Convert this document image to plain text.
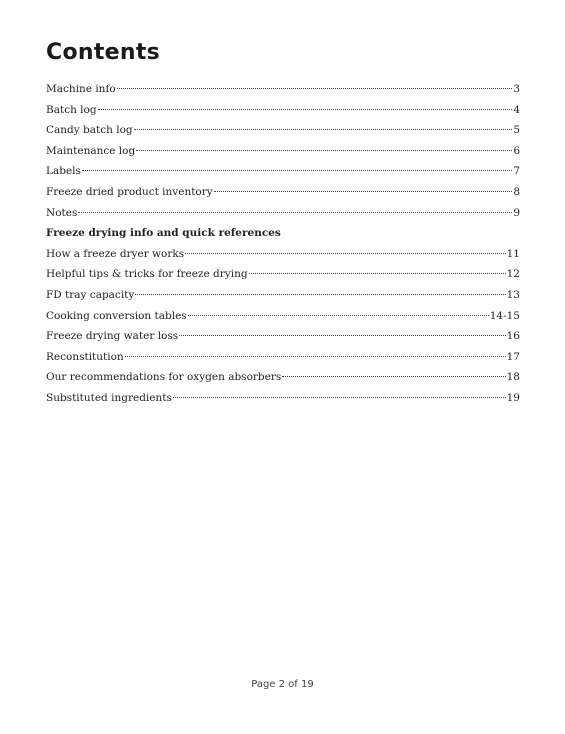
Contents
Machine info	3
Batch log	4
Candy batch log	5
Maintenance log	6
Labels	7
Freeze dried product inventory	8
Notes	9
Freeze drying info and quick references
How a freeze dryer works	11
Helpful tips & tricks for freeze drying	12
FD tray capacity	13
Cooking conversion tables	14-15
Freeze drying water loss	16
Reconstitution	17
Our recommendations for oxygen absorbers	18
Substituted ingredients	19
Page 2 of 19
